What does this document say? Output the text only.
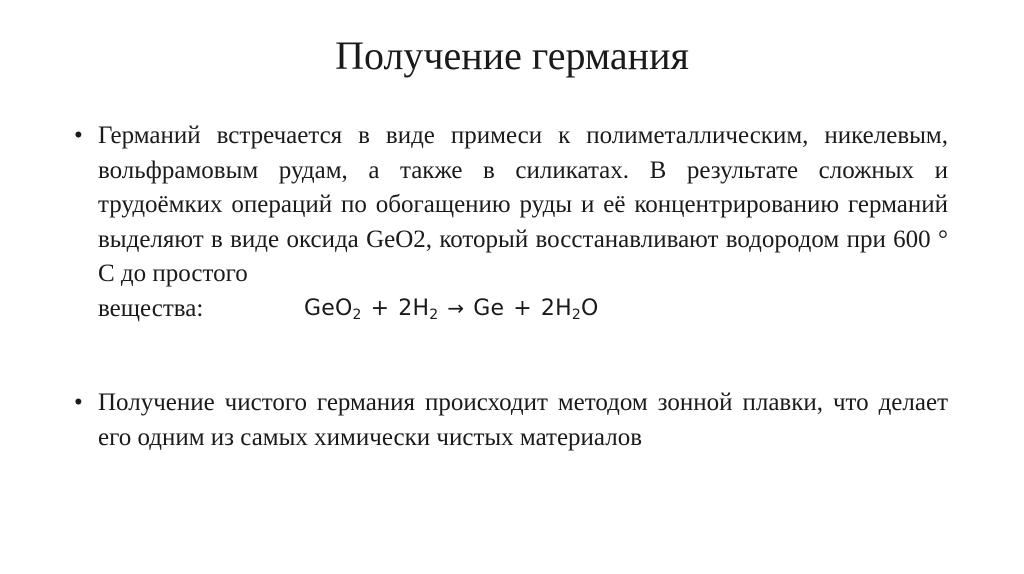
Получение германия
• Германий встречается в виде примеси к полиметаллическим, никелевым, вольфрамовым рудам, а также в силикатах. В результате сложных и трудоёмких операций по обогащению руды и её концентрированию германий выделяют в виде оксида GeO2, который восстанавливают водородом при 600 ° С до простого
вещества:	$GeO_2 + 2H_2 \to Ge + 2H_2O$
• Получение чистого германия происходит методом зонной плавки, что делает его одним из самых химически чистых материалов
